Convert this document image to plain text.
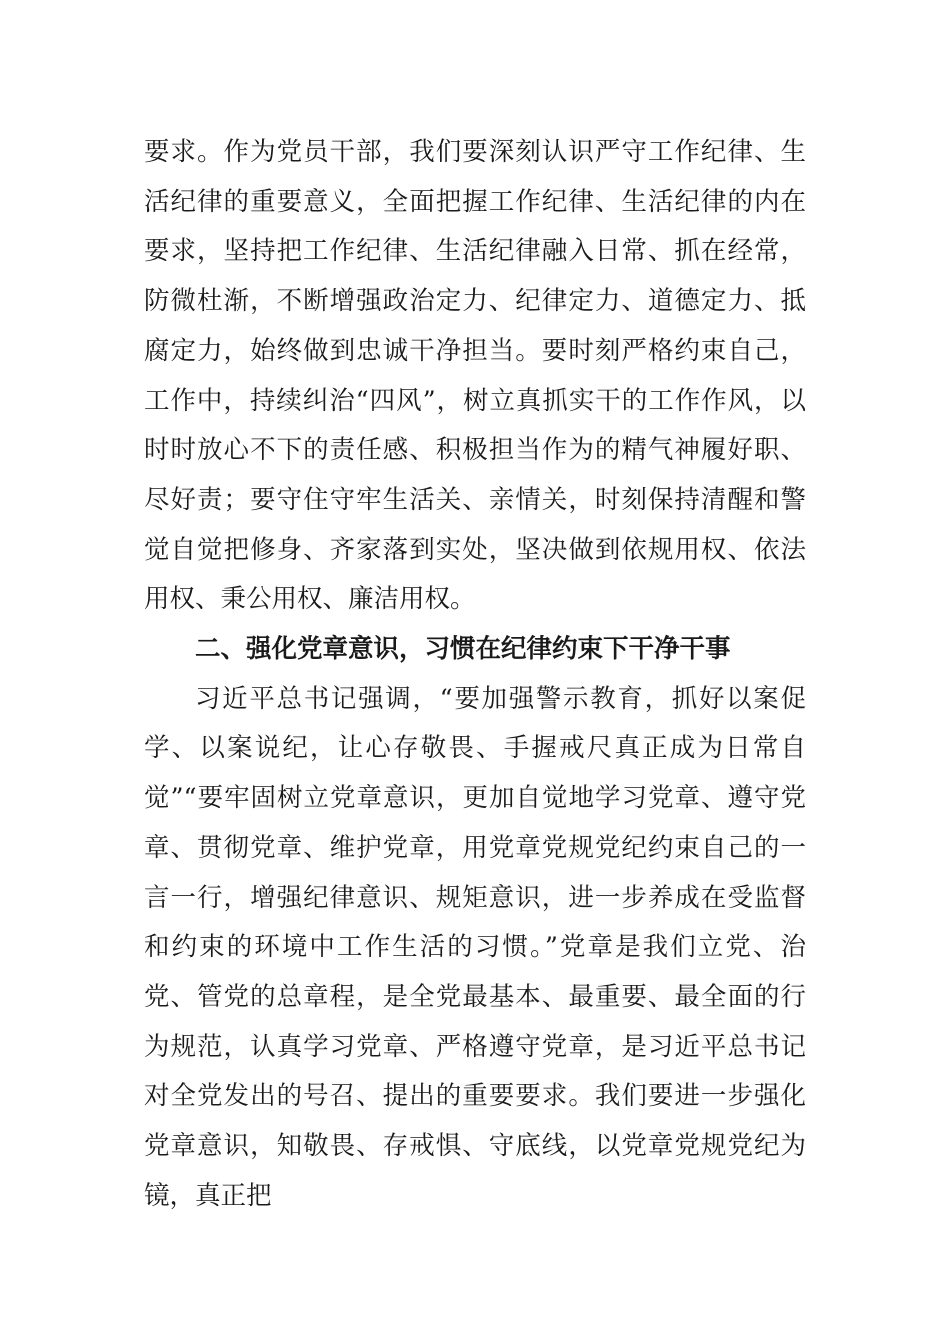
要求。作为党员干部，我们要深刻认识严守工作纪律、生活纪律的重要意义，全面把握工作纪律、生活纪律的内在要求，坚持把工作纪律、生活纪律融入日常、抓在经常，防微杜渐，不断增强政治定力、纪律定力、道德定力、抵腐定力，始终做到忠诚干净担当。要时刻严格约束自己，工作中，持续纠治“四风”，树立真抓实干的工作作风，以时时放心不下的责任感、积极担当作为的精气神履好职、尽好责；要守住守牢生活关、亲情关，时刻保持清醒和警觉自觉把修身、齐家落到实处，坚决做到依规用权、依法用权、秉公用权、廉洁用权。

二、强化党章意识，习惯在纪律约束下干净干事

习近平总书记强调，“要加强警示教育，抓好以案促学、以案说纪，让心存敬畏、手握戒尺真正成为日常自觉”“要牢固树立党章意识，更加自觉地学习党章、遵守党章、贯彻党章、维护党章，用党章党规党纪约束自己的一言一行，增强纪律意识、规矩意识，进一步养成在受监督和约束的环境中工作生活的习惯。”党章是我们立党、治党、管党的总章程，是全党最基本、最重要、最全面的行为规范，认真学习党章、严格遵守党章，是习近平总书记对全党发出的号召、提出的重要要求。我们要进一步强化党章意识，知敬畏、存戒惧、守底线，以党章党规党纪为镜，真正把
